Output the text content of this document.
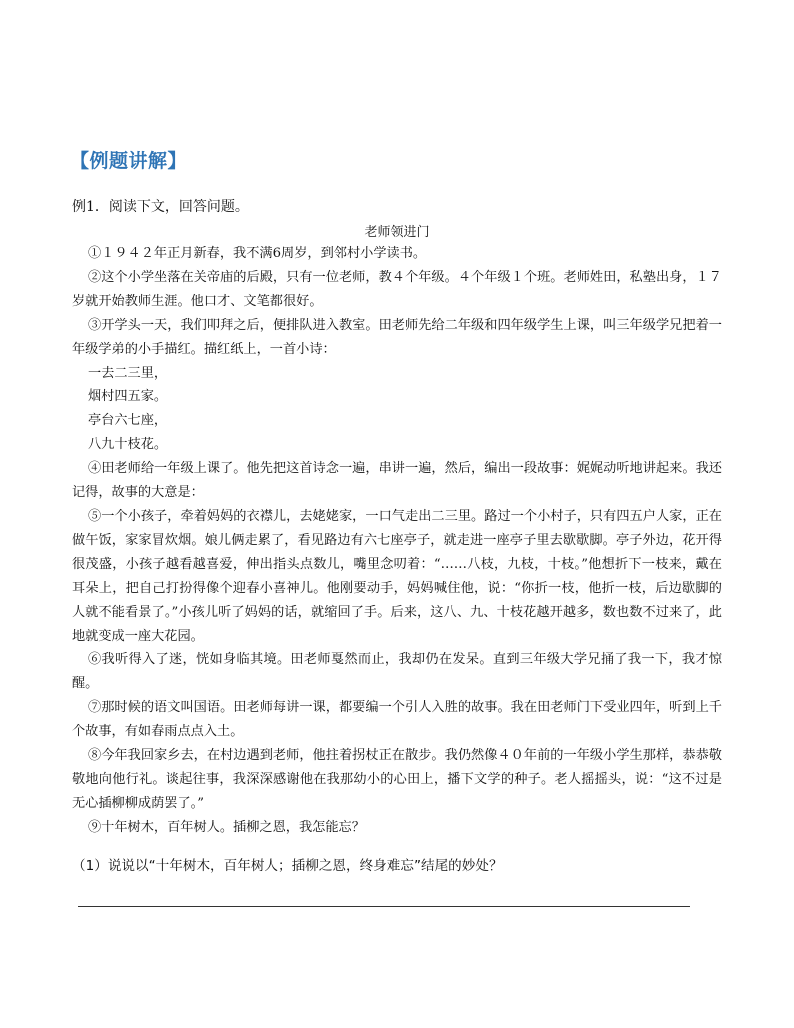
【例题讲解】
例1．阅读下文，回答问题。
老师领进门

①１９４２年正月新春，我不满6周岁，到邻村小学读书。

②这个小学坐落在关帝庙的后殿，只有一位老师，教４个年级。４个年级１个班。老师姓田，私塾出身，１７岁就开始教师生涯。他口才、文笔都很好。

③开学头一天，我们叩拜之后，便排队进入教室。田老师先给二年级和四年级学生上课，叫三年级学兄把着一年级学弟的小手描红。描红纸上，一首小诗：

一去二三里，

烟村四五家。

亭台六七座，

八九十枝花。

④田老师给一年级上课了。他先把这首诗念一遍，串讲一遍，然后，编出一段故事：娓娓动听地讲起来。我还记得，故事的大意是：

⑤一个小孩子，牵着妈妈的衣襟儿，去姥姥家，一口气走出二三里。路过一个小村子，只有四五户人家，正在做午饭，家家冒炊烟。娘儿俩走累了，看见路边有六七座亭子，就走进一座亭子里去歇歇脚。亭子外边，花开得很茂盛，小孩子越看越喜爱，伸出指头点数儿，嘴里念叨着：“……八枝，九枝，十枝。”他想折下一枝来，戴在耳朵上，把自己打扮得像个迎春小喜神儿。他刚要动手，妈妈喊住他，说：“你折一枝，他折一枝，后边歇脚的人就不能看景了。”小孩儿听了妈妈的话，就缩回了手。后来，这八、九、十枝花越开越多，数也数不过来了，此地就变成一座大花园。

⑥我听得入了迷，恍如身临其境。田老师戛然而止，我却仍在发呆。直到三年级大学兄捅了我一下，我才惊醒。

⑦那时候的语文叫国语。田老师每讲一课，都要编一个引人入胜的故事。我在田老师门下受业四年，听到上千个故事，有如春雨点点入土。

⑧今年我回家乡去，在村边遇到老师，他拄着拐杖正在散步。我仍然像４０年前的一年级小学生那样，恭恭敬敬地向他行礼。谈起往事，我深深感谢他在我那幼小的心田上，播下文学的种子。老人摇摇头，说：“这不过是无心插柳柳成荫罢了。”

⑨十年树木，百年树人。插柳之恩，我怎能忘？

（1）说说以“十年树木，百年树人；插柳之恩，终身难忘”结尾的妙处？
